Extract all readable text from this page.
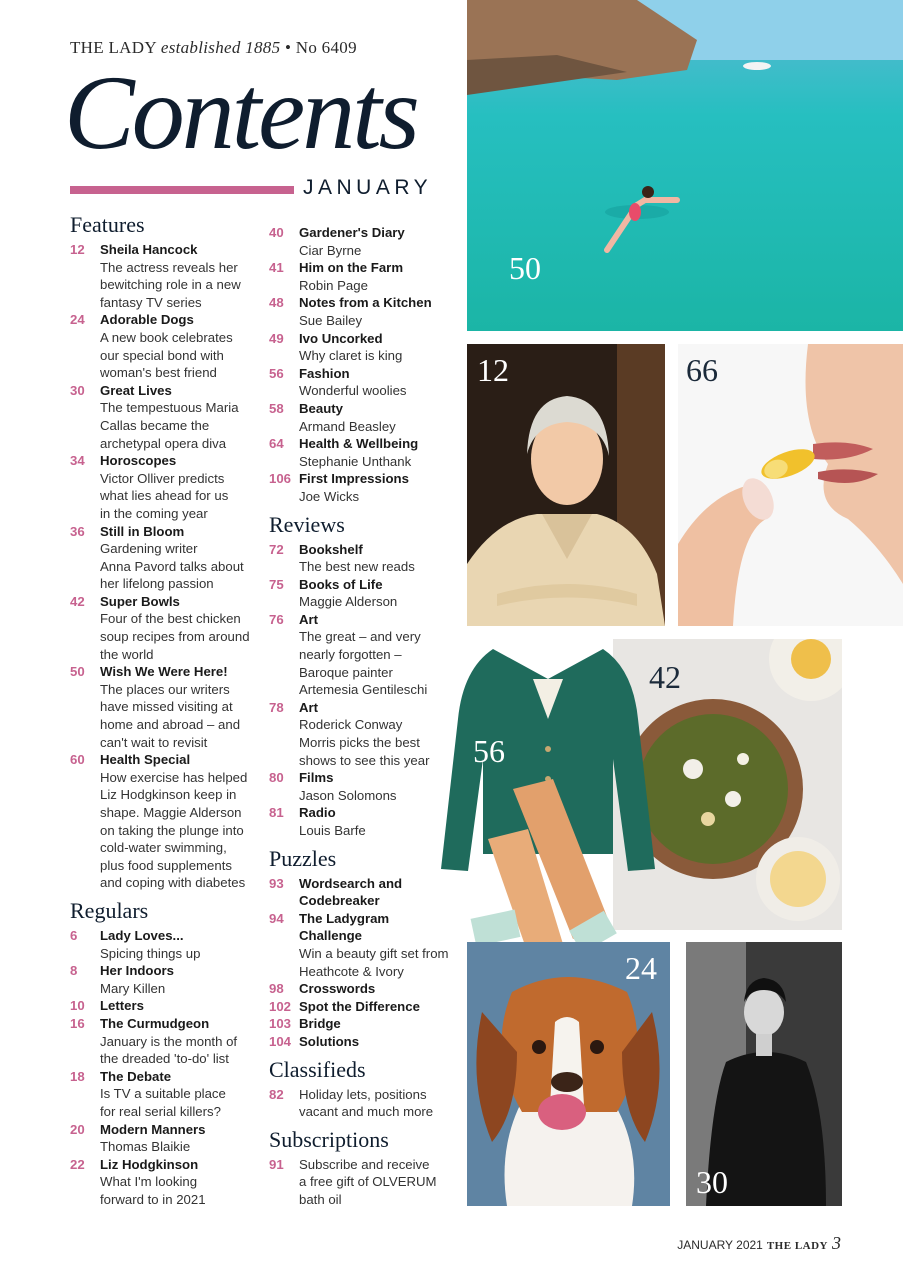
THE LADY established 1885 • No 6409
Contents
JANUARY
Features
12	Sheila Hancock
The actress reveals her
bewitching role in a new
fantasy TV series
24	Adorable Dogs
A new book celebrates
our special bond with
woman's best friend
30	Great Lives
The tempestuous Maria
Callas became the
archetypal opera diva
34	Horoscopes
Victor Olliver predicts
what lies ahead for us
in the coming year
36	Still in Bloom
Gardening writer
Anna Pavord talks about
her lifelong passion
42	Super Bowls
Four of the best chicken
soup recipes from around
the world
50	Wish We Were Here!
The places our writers
have missed visiting at
home and abroad – and
can't wait to revisit
60	Health Special
How exercise has helped
Liz Hodgkinson keep in
shape. Maggie Alderson
on taking the plunge into
cold-water swimming,
plus food supplements
and coping with diabetes
Regulars
6	Lady Loves...
Spicing things up
8	Her Indoors
Mary Killen
10	Letters
16	The Curmudgeon
January is the month of
the dreaded 'to-do' list
18	The Debate
Is TV a suitable place
for real serial killers?
20	Modern Manners
Thomas Blaikie
22	Liz Hodgkinson
What I'm looking
forward to in 2021
40	Gardener's Diary
Ciar Byrne
41	Him on the Farm
Robin Page
48	Notes from a Kitchen
Sue Bailey
49	Ivo Uncorked
Why claret is king
56	Fashion
Wonderful woolies
58	Beauty
Armand Beasley
64	Health & Wellbeing
Stephanie Unthank
106 First Impressions
Joe Wicks
Reviews
72	Bookshelf
The best new reads
75	Books of Life
Maggie Alderson
76	Art
The great – and very
nearly forgotten –
Baroque painter
Artemesia Gentileschi
78	Art
Roderick Conway
Morris picks the best
shows to see this year
80	Films
Jason Solomons
81	Radio
Louis Barfe
Puzzles
93	Wordsearch and
Codebreaker
94	The Ladygram
Challenge
Win a beauty gift set from
Heathcote & Ivory
98	Crosswords
102 Spot the Difference
103 Bridge
104 Solutions
Classifieds
82	Holiday lets, positions
vacant and much more
Subscriptions
91	Subscribe and receive
a free gift of OLVERUM
bath oil
50
12	66
42
56
24
30
JANUARY 2021 THE LADY 3
